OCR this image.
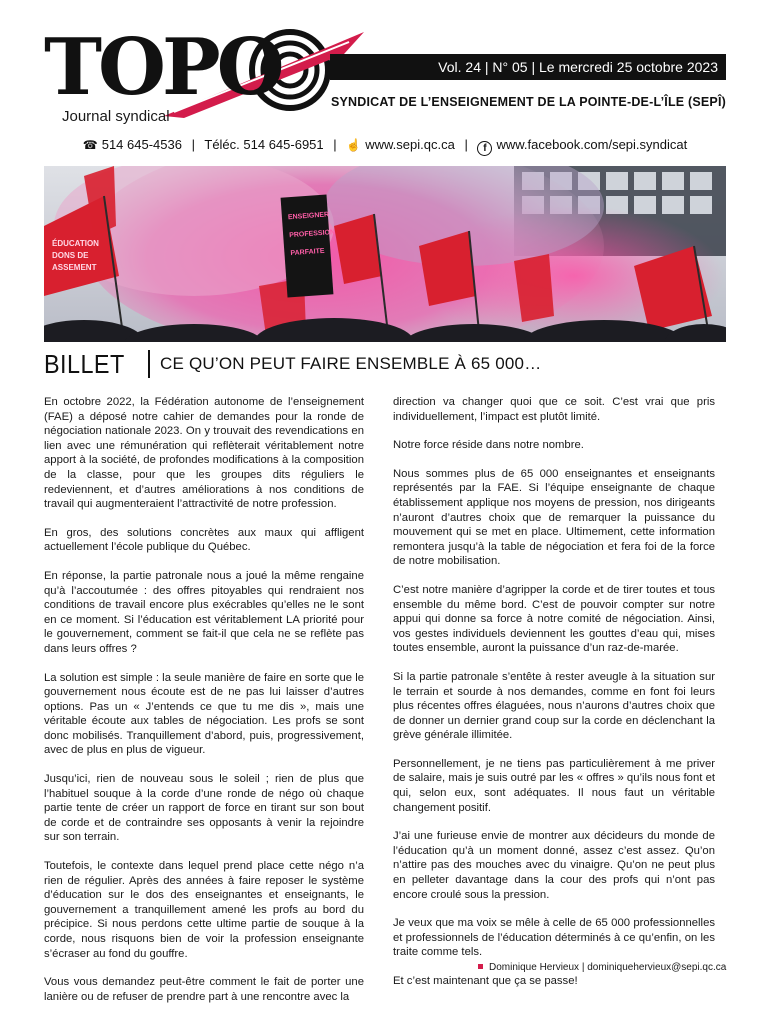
TOPO
Journal syndical
Vol. 24 | N° 05 | Le mercredi 25 octobre 2023
SYNDICAT DE L’ENSEIGNEMENT DE LA POINTE-DE-L’ÎLE (SEPÎ)
☎ 514 645-4536 | Téléc. 514 645-6951 | ☝ www.sepi.qc.ca | f www.facebook.com/sepi.syndicat
ENSEIGNER
PROFESSION
PARFAITE
ÉDUCATION
DONS DE
ASSEMENT
BILLET CE QU’ON PEUT FAIRE ENSEMBLE À 65 000…

En octobre 2022, la Fédération autonome de l’enseignement (FAE) a déposé notre cahier de demandes pour la ronde de négociation nationale 2023. On y trouvait des revendications en lien avec une rémunération qui reflèterait véritablement notre apport à la société, de profondes modifications à la composition de la classe, pour que les groupes dits réguliers le redeviennent, et d’autres améliorations à nos conditions de travail qui augmenteraient l’attractivité de notre profession.

En gros, des solutions concrètes aux maux qui affligent actuellement l’école publique du Québec.

En réponse, la partie patronale nous a joué la même rengaine qu’à l’accoutumée : des offres pitoyables qui rendraient nos conditions de travail encore plus exécrables qu’elles ne le sont en ce moment. Si l’éducation est véritablement LA priorité pour le gouvernement, comment se fait-il que cela ne se reflète pas dans leurs offres ?

La solution est simple : la seule manière de faire en sorte que le gouvernement nous écoute est de ne pas lui laisser d’autres options. Pas un « J’entends ce que tu me dis », mais une véritable écoute aux tables de négociation. Les profs se sont donc mobilisés. Tranquillement d’abord, puis, progressivement, avec de plus en plus de vigueur.

Jusqu’ici, rien de nouveau sous le soleil ; rien de plus que l’habituel souque à la corde d’une ronde de négo où chaque partie tente de créer un rapport de force en tirant sur son bout de corde et de contraindre ses opposants à venir la rejoindre sur son terrain.

Toutefois, le contexte dans lequel prend place cette négo n’a rien de régulier. Après des années à faire reposer le système d’éducation sur le dos des enseignantes et enseignants, le gouvernement a tranquillement amené les profs au bord du précipice. Si nous perdons cette ultime partie de souque à la corde, nous risquons bien de voir la profession enseignante s’écraser au fond du gouffre.

Vous vous demandez peut-être comment le fait de porter une lanière ou de refuser de prendre part à une rencontre avec la

direction va changer quoi que ce soit. C’est vrai que pris individuellement, l’impact est plutôt limité.

Notre force réside dans notre nombre.

Nous sommes plus de 65 000 enseignantes et enseignants représentés par la FAE. Si l’équipe enseignante de chaque établissement applique nos moyens de pression, nos dirigeants n’auront d’autres choix que de remarquer la puissance du mouvement qui se met en place. Ultimement, cette information remontera jusqu’à la table de négociation et fera foi de la force de notre mobilisation.

C’est notre manière d’agripper la corde et de tirer toutes et tous ensemble du même bord. C’est de pouvoir compter sur notre appui qui donne sa force à notre comité de négociation. Ainsi, vos gestes individuels deviennent les gouttes d’eau qui, mises toutes ensemble, auront la puissance d’un raz-de-marée.

Si la partie patronale s’entête à rester aveugle à la situation sur le terrain et sourde à nos demandes, comme en font foi leurs plus récentes offres élaguées, nous n’aurons d’autres choix que de donner un dernier grand coup sur la corde en déclenchant la grève générale illimitée.

Personnellement, je ne tiens pas particulièrement à me priver de salaire, mais je suis outré par les « offres » qu’ils nous font et qui, selon eux, sont adéquates. Il nous faut un véritable changement positif.

J’ai une furieuse envie de montrer aux décideurs du monde de l’éducation qu’à un moment donné, assez c’est assez. Qu’on n’attire pas des mouches avec du vinaigre. Qu’on ne peut plus en pelleter davantage dans la cour des profs qui n’ont pas encore croulé sous la pression.

Je veux que ma voix se mêle à celle de 65 000 professionnelles et professionnels de l’éducation déterminés à ce qu’enfin, on les traite comme tels.

Et c’est maintenant que ça se passe!

Dominique Hervieux | dominiquehervieux@sepi.qc.ca
